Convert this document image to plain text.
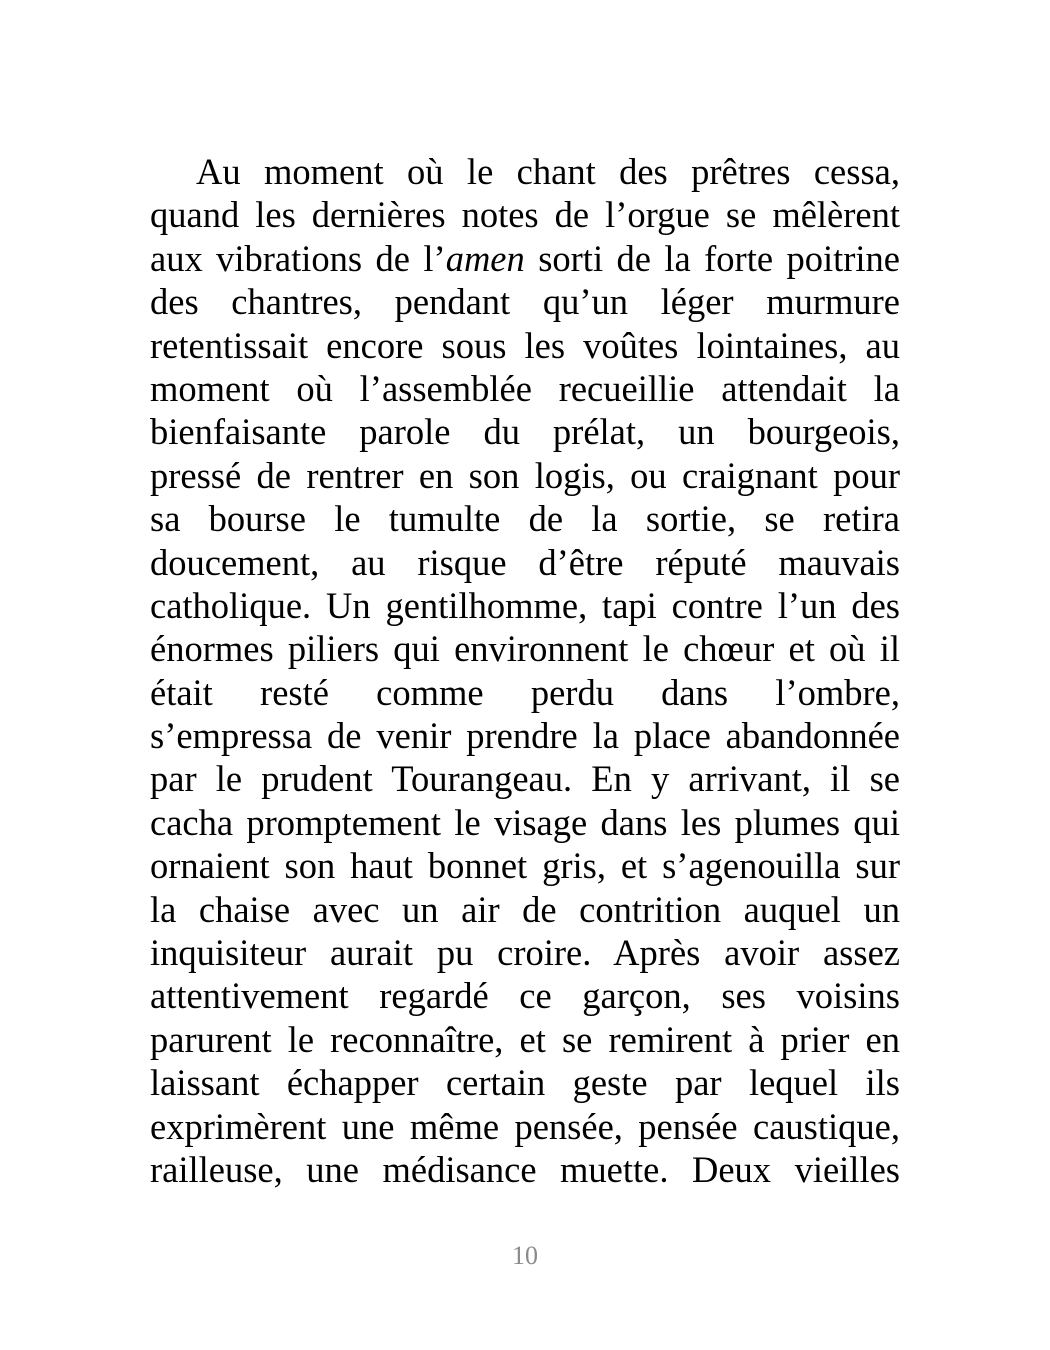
Au moment où le chant des prêtres cessa,
quand les dernières notes de l’orgue se mêlèrent
aux vibrations de l’amen sorti de la forte poitrine
des chantres, pendant qu’un léger murmure
retentissait encore sous les voûtes lointaines, au
moment où l’assemblée recueillie attendait la
bienfaisante parole du prélat, un bourgeois,
pressé de rentrer en son logis, ou craignant pour
sa bourse le tumulte de la sortie, se retira
doucement, au risque d’être réputé mauvais
catholique. Un gentilhomme, tapi contre l’un des
énormes piliers qui environnent le chœur et où il
était resté comme perdu dans l’ombre,
s’empressa de venir prendre la place abandonnée
par le prudent Tourangeau. En y arrivant, il se
cacha promptement le visage dans les plumes qui
ornaient son haut bonnet gris, et s’agenouilla sur
la chaise avec un air de contrition auquel un
inquisiteur aurait pu croire. Après avoir assez
attentivement regardé ce garçon, ses voisins
parurent le reconnaître, et se remirent à prier en
laissant échapper certain geste par lequel ils
exprimèrent une même pensée, pensée caustique,
railleuse, une médisance muette. Deux vieilles
10
